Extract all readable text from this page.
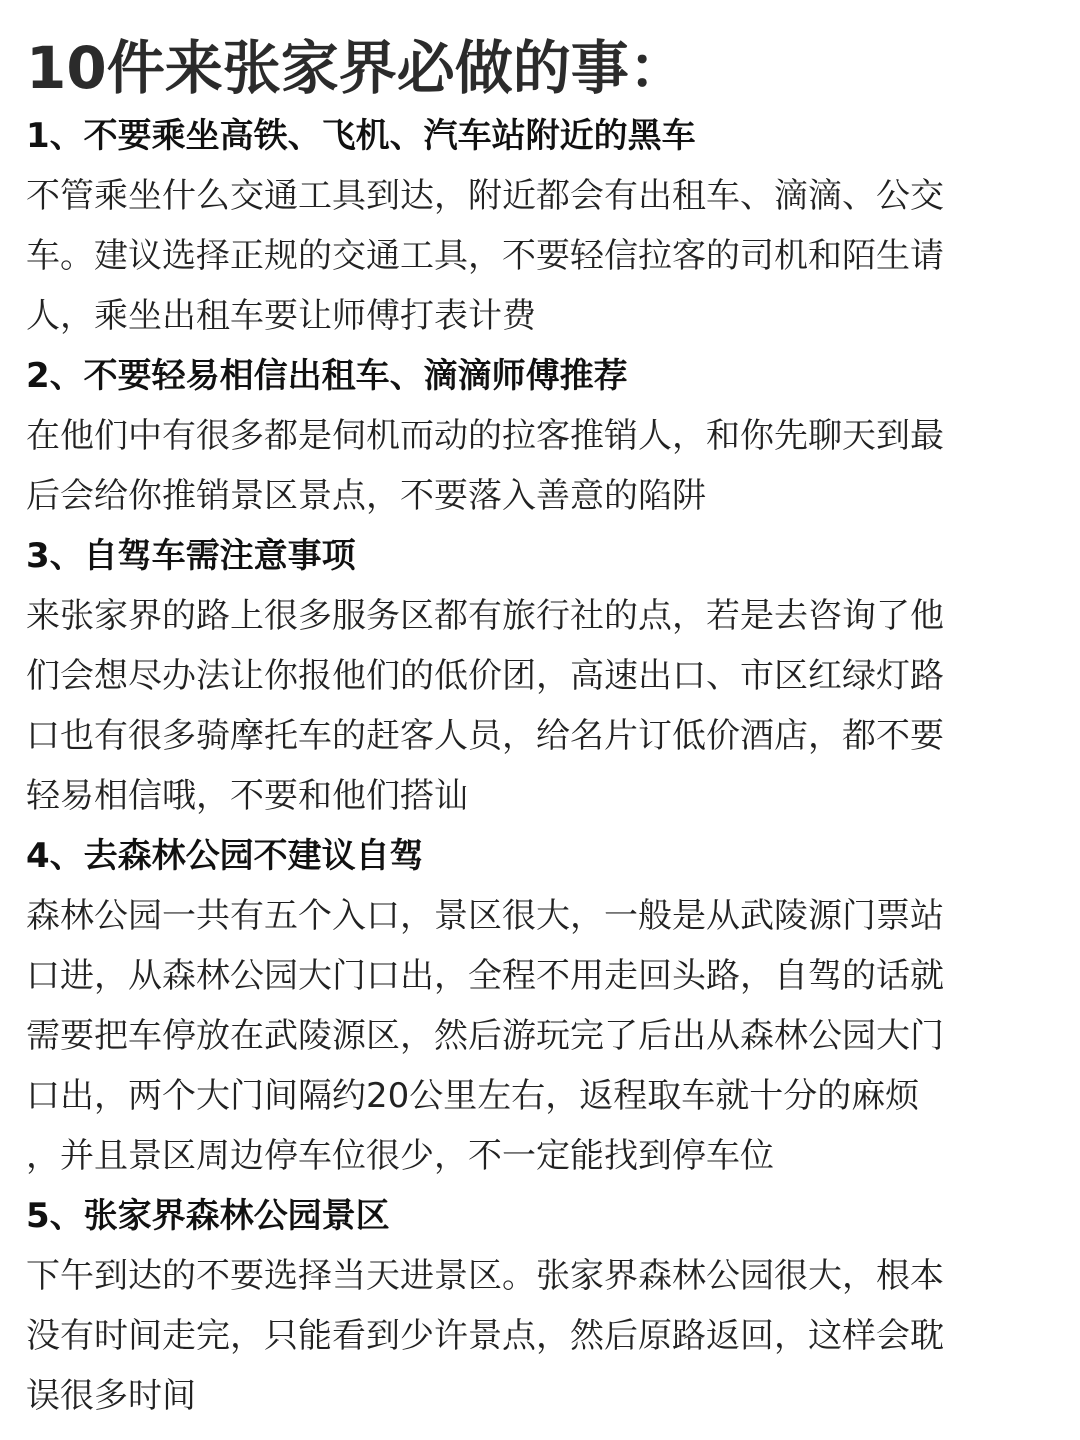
10件来张家界必做的事：
1、不要乘坐高铁、飞机、汽车站附近的黑车

不管乘坐什么交通工具到达，附近都会有出租车、滴滴、公交
车。建议选择正规的交通工具，不要轻信拉客的司机和陌生请
人，乘坐出租车要让师傅打表计费

2、不要轻易相信出租车、滴滴师傅推荐

在他们中有很多都是伺机而动的拉客推销人，和你先聊天到最
后会给你推销景区景点，不要落入善意的陷阱

3、自驾车需注意事项

来张家界的路上很多服务区都有旅行社的点，若是去咨询了他
们会想尽办法让你报他们的低价团，高速出口、市区红绿灯路
口也有很多骑摩托车的赶客人员，给名片订低价酒店，都不要
轻易相信哦，不要和他们搭讪

4、去森林公园不建议自驾

森林公园一共有五个入口，景区很大，一般是从武陵源门票站
口进，从森林公园大门口出，全程不用走回头路，自驾的话就
需要把车停放在武陵源区，然后游玩完了后出从森林公园大门
口出，两个大门间隔约20公里左右，返程取车就十分的麻烦
，并且景区周边停车位很少，不一定能找到停车位

5、张家界森林公园景区

下午到达的不要选择当天进景区。张家界森林公园很大，根本
没有时间走完，只能看到少许景点，然后原路返回，这样会耽
误很多时间
